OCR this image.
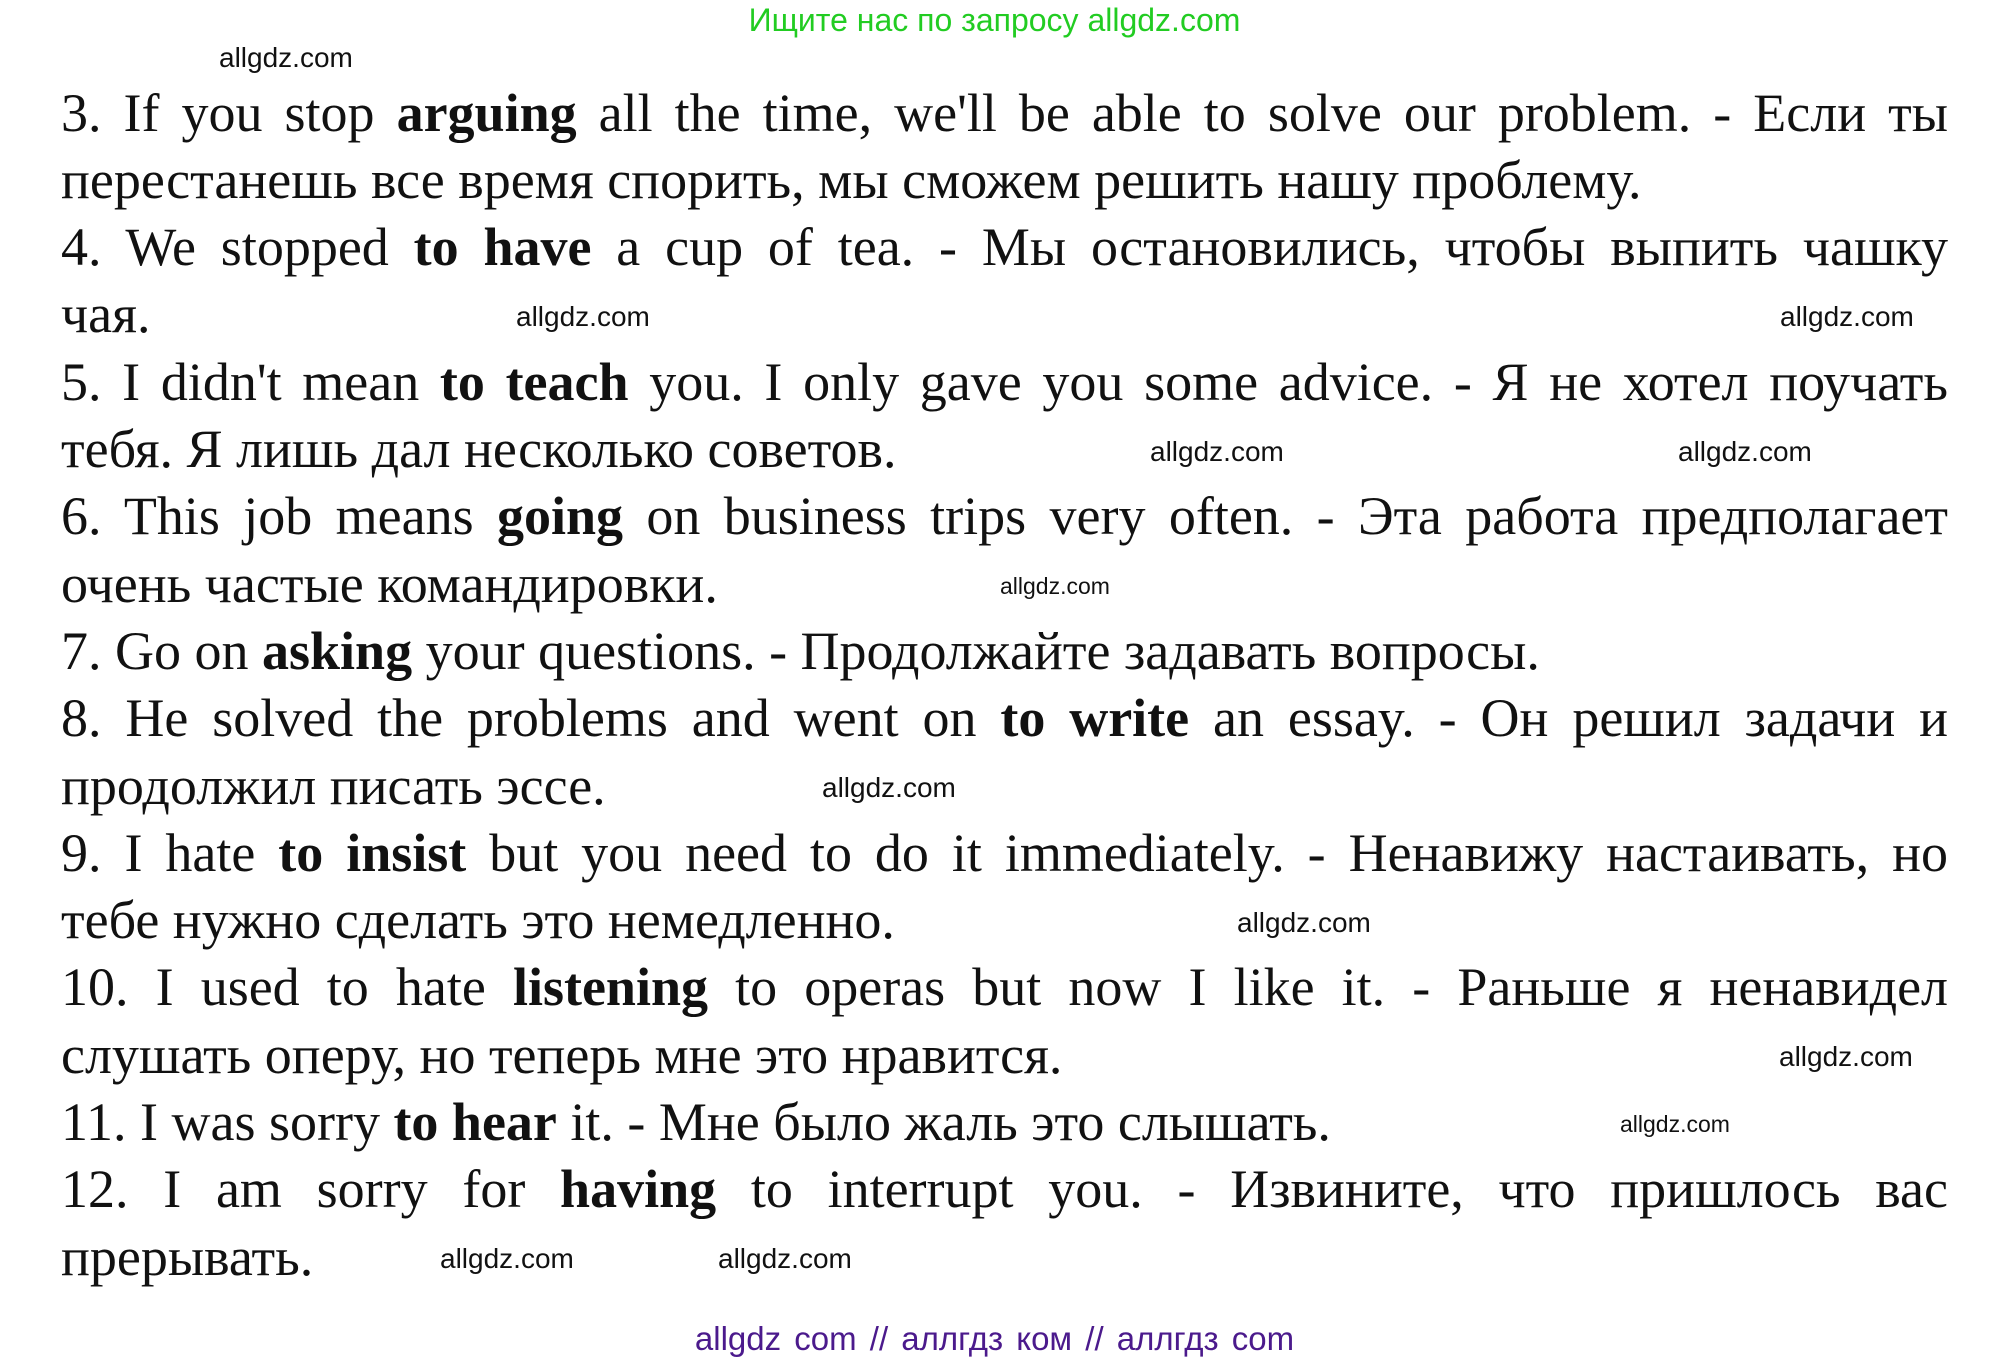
Ищите нас по запросу allgdz.com
3. If you stop arguing all the time, we'll be able to solve our problem. - Если ты
перестанешь все время спорить, мы сможем решить нашу проблему.
4. We stopped to have a cup of tea. - Мы остановились, чтобы выпить чашку
чая.
5. I didn't mean to teach you. I only gave you some advice. - Я не хотел поучать
тебя. Я лишь дал несколько советов.
6. This job means going on business trips very often. - Эта работа предполагает
очень частые командировки.
7. Go on asking your questions. - Продолжайте задавать вопросы.
8. He solved the problems and went on to write an essay. - Он решил задачи и
продолжил писать эссе.
9. I hate to insist but you need to do it immediately. - Ненавижу настаивать, но
тебе нужно сделать это немедленно.
10. I used to hate listening to operas but now I like it. - Раньше я ненавидел
слушать оперу, но теперь мне это нравится.
11. I was sorry to hear it. - Мне было жаль это слышать.
12. I am sorry for having to interrupt you. - Извините, что пришлось вас
прерывать.
allgdz.com
allgdz.com
allgdz.com
allgdz.com	allgdz.com
allgdz.com
allgdz.com
allgdz.com
allgdz.com
allgdz.com
allgdz.com
allgdz.com
allgdz com // аллгдз ком // аллгдз com
